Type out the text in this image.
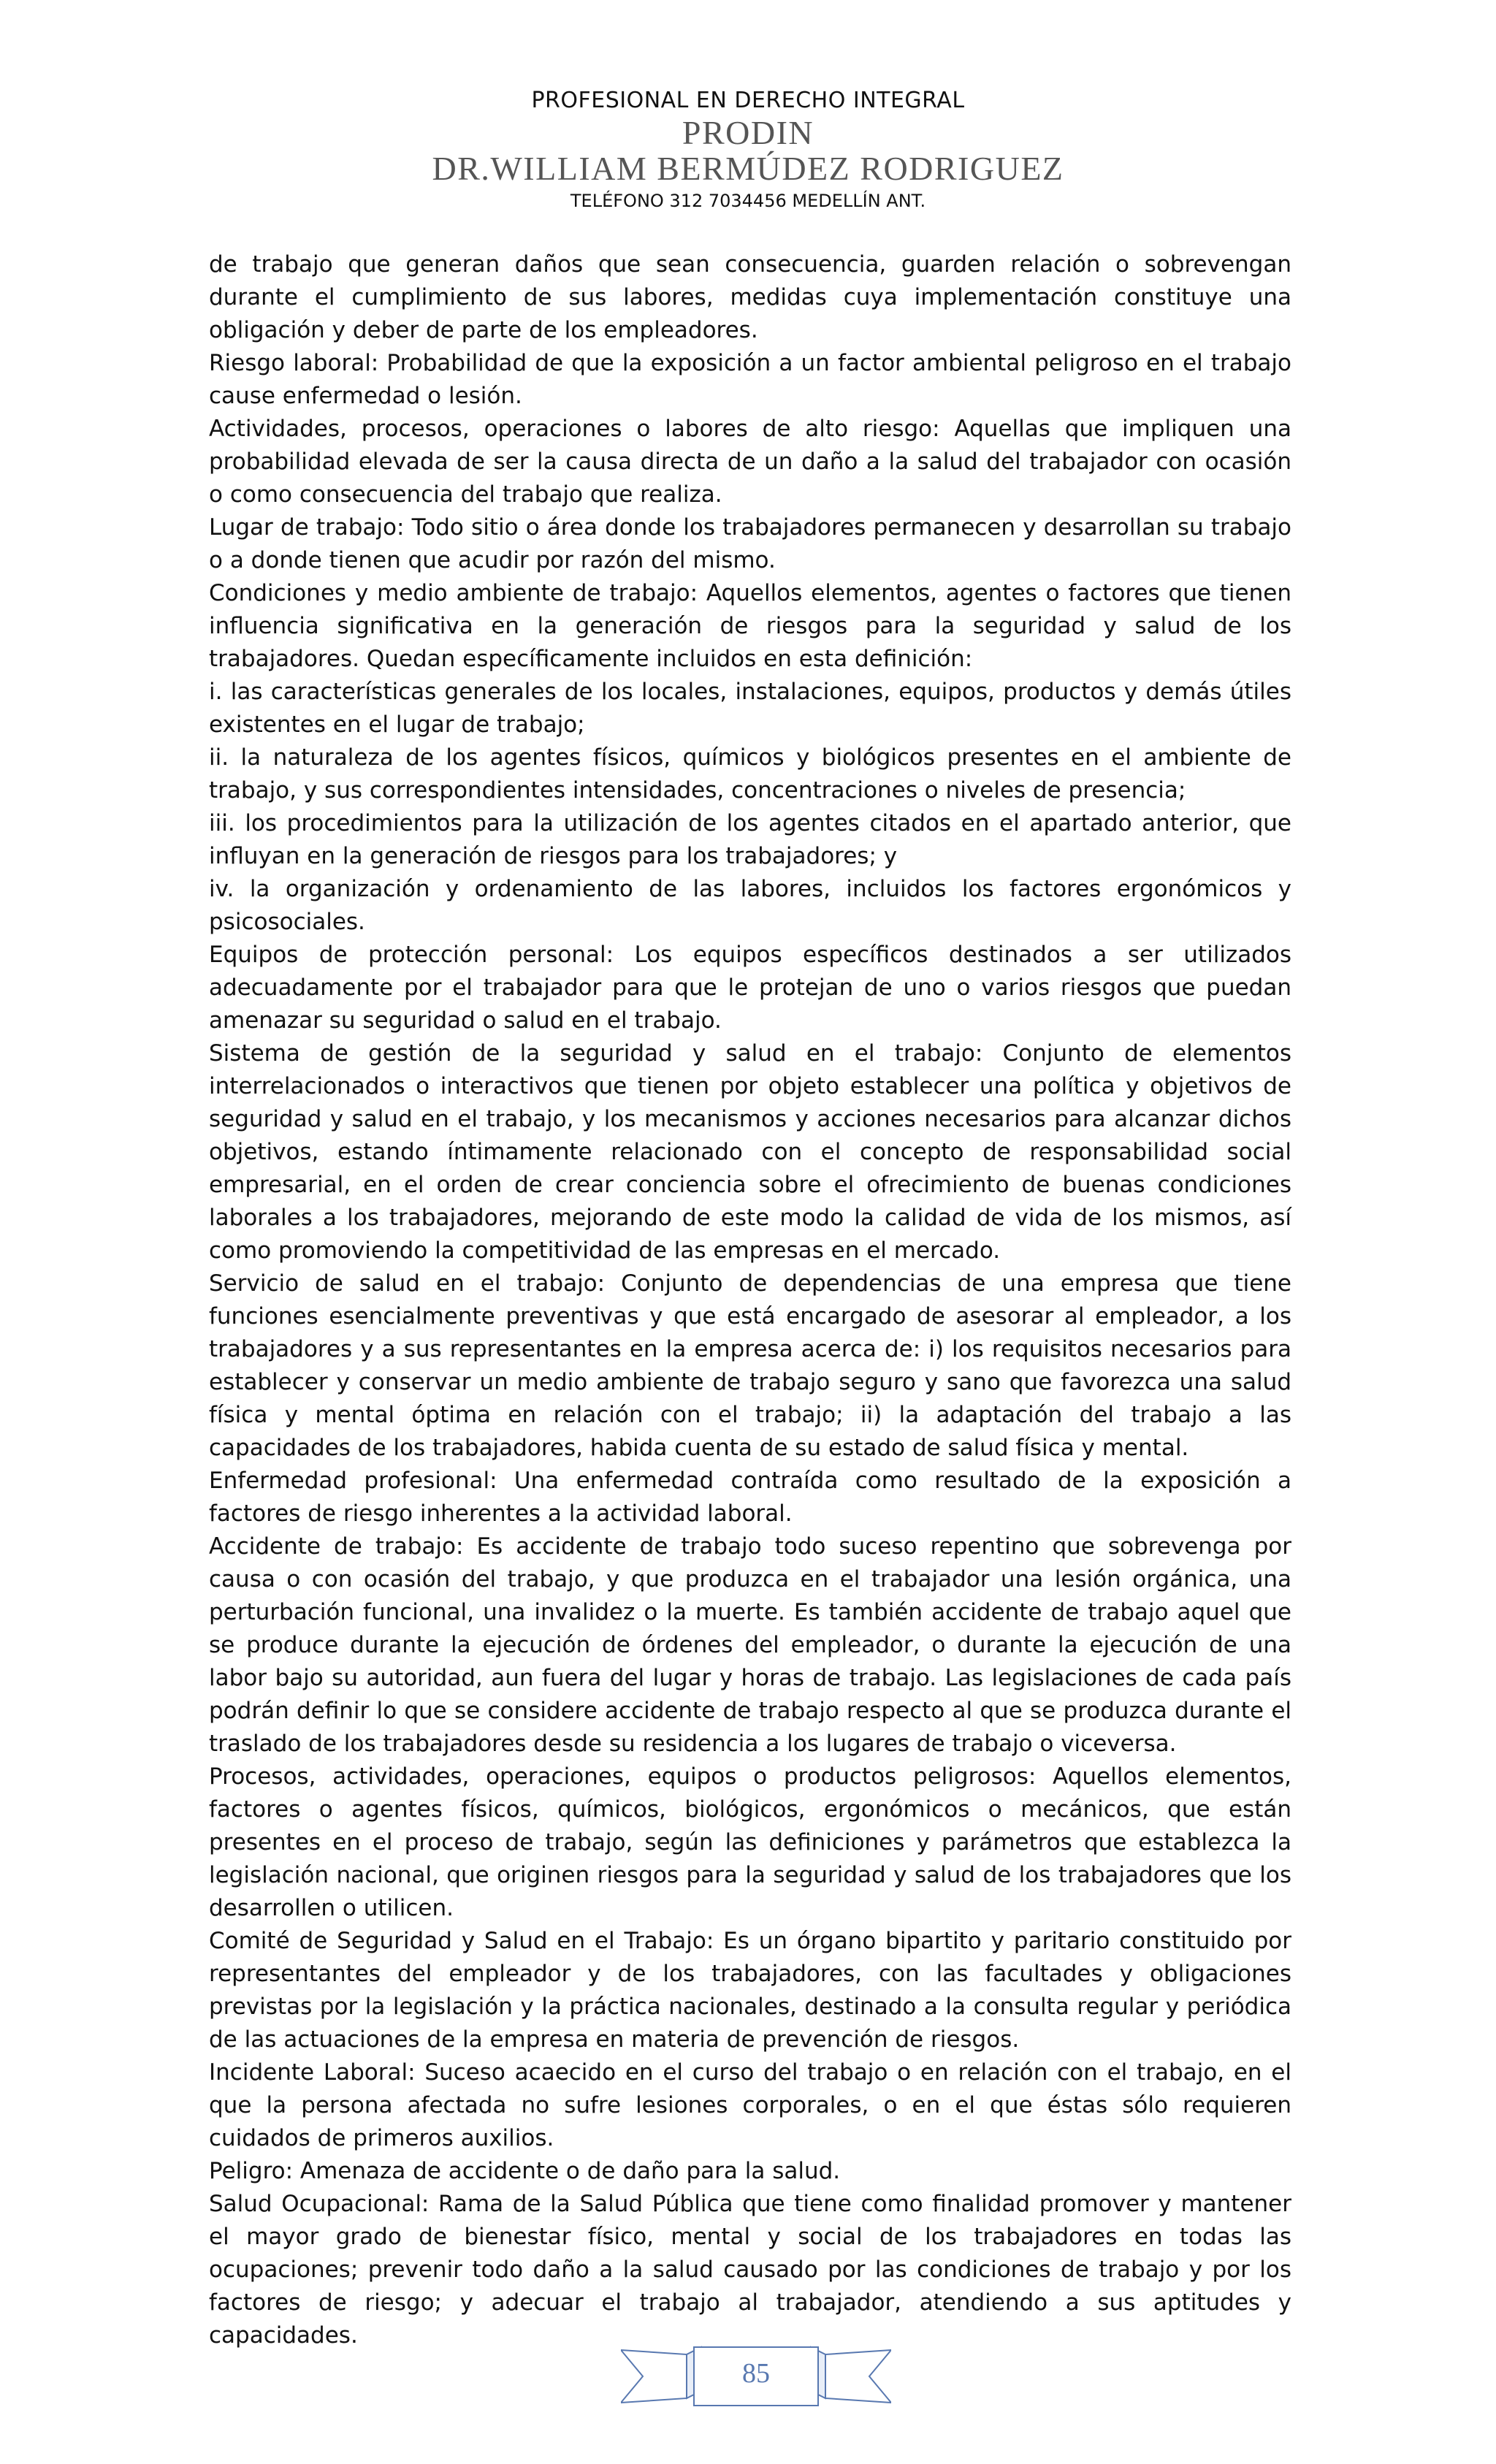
PROFESIONAL EN DERECHO INTEGRAL
PRODIN
DR.WILLIAM BERMÚDEZ RODRIGUEZ
TELÉFONO 312 7034456 MEDELLÍN ANT.

de trabajo que generan daños que sean consecuencia, guarden relación o sobrevengan durante el cumplimiento de sus labores, medidas cuya implementación constituye una obligación y deber de parte de los empleadores.

Riesgo laboral: Probabilidad de que la exposición a un factor ambiental peligroso en el trabajo cause enfermedad o lesión.

Actividades, procesos, operaciones o labores de alto riesgo: Aquellas que impliquen una probabilidad elevada de ser la causa directa de un daño a la salud del trabajador con ocasión o como consecuencia del trabajo que realiza.

Lugar de trabajo: Todo sitio o área donde los trabajadores permanecen y desarrollan su trabajo o a donde tienen que acudir por razón del mismo.

Condiciones y medio ambiente de trabajo: Aquellos elementos, agentes o factores que tienen influencia significativa en la generación de riesgos para la seguridad y salud de los trabajadores. Quedan específicamente incluidos en esta definición:

i. las características generales de los locales, instalaciones, equipos, productos y demás útiles existentes en el lugar de trabajo;

ii. la naturaleza de los agentes físicos, químicos y biológicos presentes en el ambiente de trabajo, y sus correspondientes intensidades, concentraciones o niveles de presencia;

iii. los procedimientos para la utilización de los agentes citados en el apartado anterior, que influyan en la generación de riesgos para los trabajadores; y

iv. la organización y ordenamiento de las labores, incluidos los factores ergonómicos y psicosociales.

Equipos de protección personal: Los equipos específicos destinados a ser utilizados adecuadamente por el trabajador para que le protejan de uno o varios riesgos que puedan amenazar su seguridad o salud en el trabajo.

Sistema de gestión de la seguridad y salud en el trabajo: Conjunto de elementos interrelacionados o interactivos que tienen por objeto establecer una política y objetivos de seguridad y salud en el trabajo, y los mecanismos y acciones necesarios para alcanzar dichos objetivos, estando íntimamente relacionado con el concepto de responsabilidad social empresarial, en el orden de crear conciencia sobre el ofrecimiento de buenas condiciones laborales a los trabajadores, mejorando de este modo la calidad de vida de los mismos, así como promoviendo la competitividad de las empresas en el mercado.

Servicio de salud en el trabajo: Conjunto de dependencias de una empresa que tiene funciones esencialmente preventivas y que está encargado de asesorar al empleador, a los trabajadores y a sus representantes en la empresa acerca de: i) los requisitos necesarios para establecer y conservar un medio ambiente de trabajo seguro y sano que favorezca una salud física y mental óptima en relación con el trabajo; ii) la adaptación del trabajo a las capacidades de los trabajadores, habida cuenta de su estado de salud física y mental.

Enfermedad profesional: Una enfermedad contraída como resultado de la exposición a factores de riesgo inherentes a la actividad laboral.

Accidente de trabajo: Es accidente de trabajo todo suceso repentino que sobrevenga por causa o con ocasión del trabajo, y que produzca en el trabajador una lesión orgánica, una perturbación funcional, una invalidez o la muerte. Es también accidente de trabajo aquel que se produce durante la ejecución de órdenes del empleador, o durante la ejecución de una labor bajo su autoridad, aun fuera del lugar y horas de trabajo. Las legislaciones de cada país podrán definir lo que se considere accidente de trabajo respecto al que se produzca durante el traslado de los trabajadores desde su residencia a los lugares de trabajo o viceversa.

Procesos, actividades, operaciones, equipos o productos peligrosos: Aquellos elementos, factores o agentes físicos, químicos, biológicos, ergonómicos o mecánicos, que están presentes en el proceso de trabajo, según las definiciones y parámetros que establezca la legislación nacional, que originen riesgos para la seguridad y salud de los trabajadores que los desarrollen o utilicen.

Comité de Seguridad y Salud en el Trabajo: Es un órgano bipartito y paritario constituido por representantes del empleador y de los trabajadores, con las facultades y obligaciones previstas por la legislación y la práctica nacionales, destinado a la consulta regular y periódica de las actuaciones de la empresa en materia de prevención de riesgos.

Incidente Laboral: Suceso acaecido en el curso del trabajo o en relación con el trabajo, en el que la persona afectada no sufre lesiones corporales, o en el que éstas sólo requieren cuidados de primeros auxilios.

Peligro: Amenaza de accidente o de daño para la salud.

Salud Ocupacional: Rama de la Salud Pública que tiene como finalidad promover y mantener el mayor grado de bienestar físico, mental y social de los trabajadores en todas las ocupaciones; prevenir todo daño a la salud causado por las condiciones de trabajo y por los factores de riesgo; y adecuar el trabajo al trabajador, atendiendo a sus aptitudes y capacidades.

85
